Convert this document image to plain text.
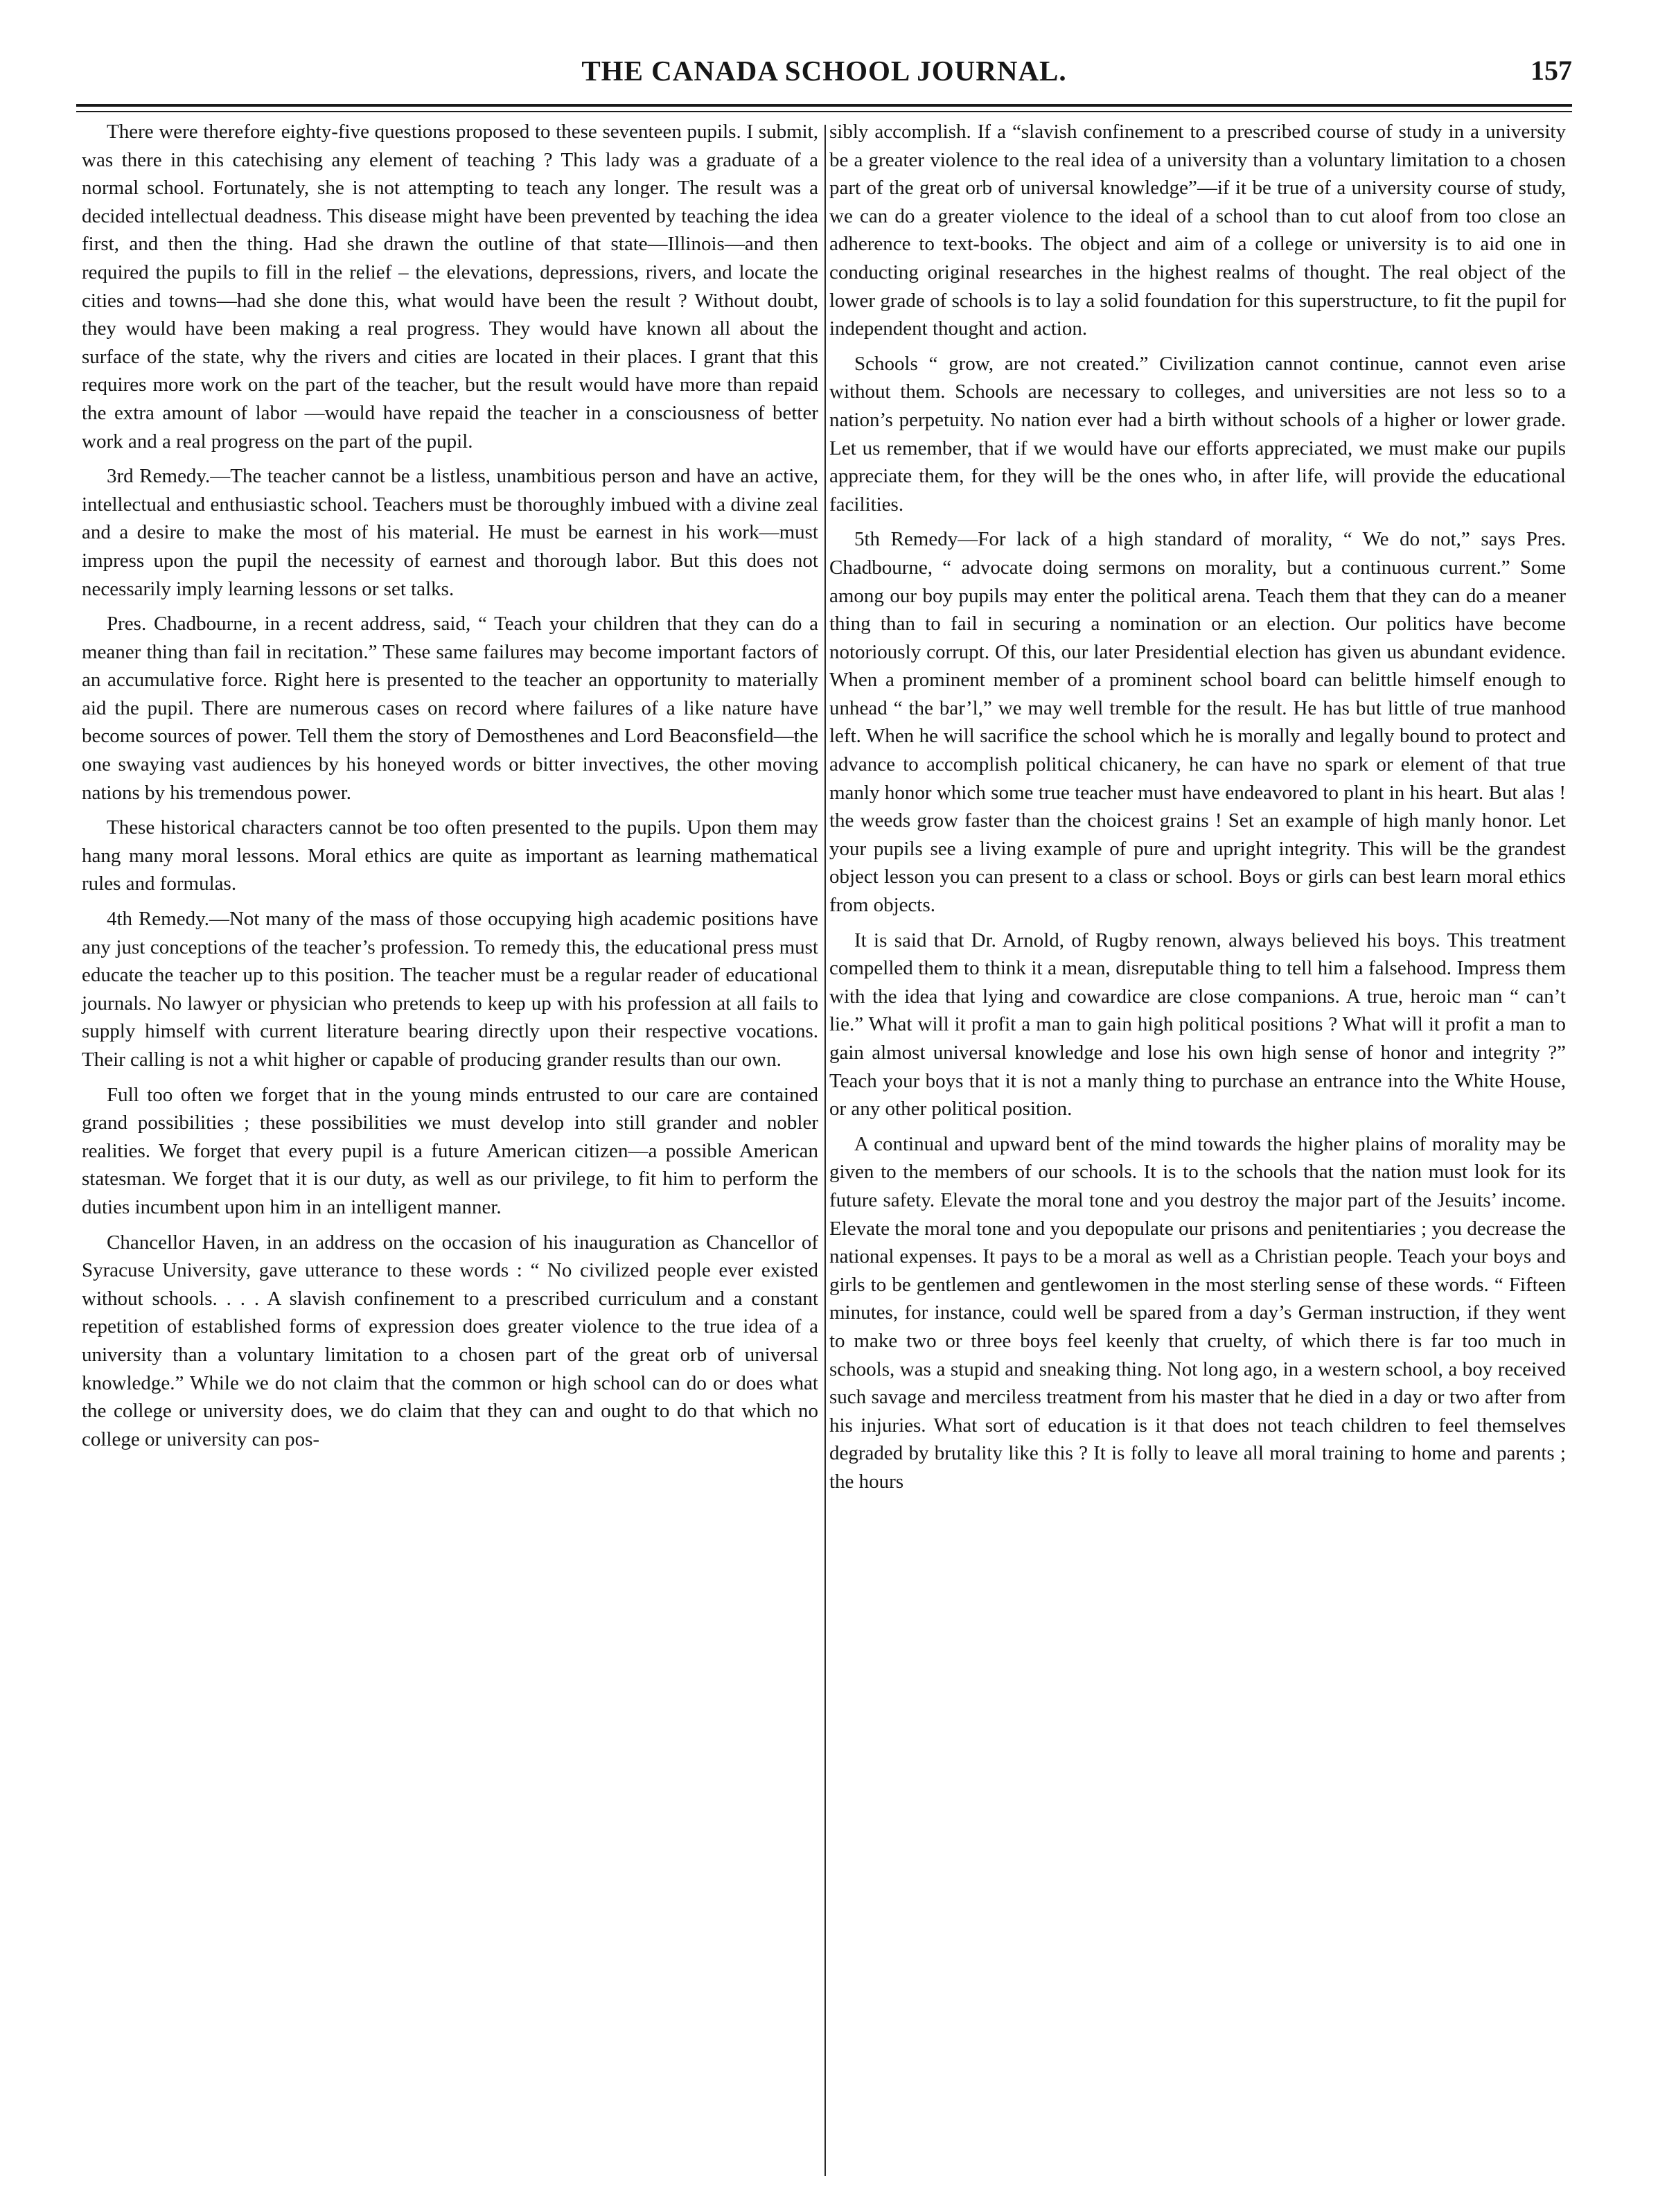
THE CANADA SCHOOL JOURNAL.	157

There were therefore eighty-five questions proposed to these seventeen pupils. I submit, was there in this catechising any element of teaching ? This lady was a graduate of a normal school. Fortunately, she is not attempting to teach any longer. The result was a decided intellectual deadness. This disease might have been prevented by teaching the idea first, and then the thing. Had she drawn the outline of that state—Illinois—and then required the pupils to fill in the relief – the elevations, depressions, rivers, and locate the cities and towns—had she done this, what would have been the result ? Without doubt, they would have been making a real progress. They would have known all about the surface of the state, why the rivers and cities are located in their places. I grant that this requires more work on the part of the teacher, but the result would have more than repaid the extra amount of labor —would have repaid the teacher in a consciousness of better work and a real progress on the part of the pupil.

3rd Remedy.—The teacher cannot be a listless, unambitious person and have an active, intellectual and enthusiastic school. Teachers must be thoroughly imbued with a divine zeal and a desire to make the most of his material. He must be earnest in his work—must impress upon the pupil the necessity of earnest and thorough labor. But this does not necessarily imply learning lessons or set talks.

Pres. Chadbourne, in a recent address, said, “ Teach your children that they can do a meaner thing than fail in recitation.” These same failures may become important factors of an accumulative force. Right here is presented to the teacher an opportunity to materially aid the pupil. There are numerous cases on record where failures of a like nature have become sources of power. Tell them the story of Demosthenes and Lord Beaconsfield—the one swaying vast audiences by his honeyed words or bitter invectives, the other moving nations by his tremendous power.

These historical characters cannot be too often presented to the pupils. Upon them may hang many moral lessons. Moral ethics are quite as important as learning mathematical rules and formulas.

4th Remedy.—Not many of the mass of those occupying high academic positions have any just conceptions of the teacher’s profession. To remedy this, the educational press must educate the teacher up to this position. The teacher must be a regular reader of educational journals. No lawyer or physician who pretends to keep up with his profession at all fails to supply himself with current literature bearing directly upon their respective vocations. Their calling is not a whit higher or capable of producing grander results than our own.

Full too often we forget that in the young minds entrusted to our care are contained grand possibilities ; these possibilities we must develop into still grander and nobler realities. We forget that every pupil is a future American citizen—a possible American statesman. We forget that it is our duty, as well as our privilege, to fit him to perform the duties incumbent upon him in an intelligent manner.

Chancellor Haven, in an address on the occasion of his inauguration as Chancellor of Syracuse University, gave utterance to these words : “ No civilized people ever existed without schools. . . . A slavish confinement to a prescribed curriculum and a constant repetition of established forms of expression does greater violence to the true idea of a university than a voluntary limitation to a chosen part of the great orb of universal knowledge.” While we do not claim that the common or high school can do or does what the college or university does, we do claim that they can and ought to do that which no college or university can pos-

sibly accomplish. If a “slavish confinement to a prescribed course of study in a university be a greater violence to the real idea of a university than a voluntary limitation to a chosen part of the great orb of universal knowledge”—if it be true of a university course of study, we can do a greater violence to the ideal of a school than to cut aloof from too close an adherence to text-books. The object and aim of a college or university is to aid one in conducting original researches in the highest realms of thought. The real object of the lower grade of schools is to lay a solid foundation for this superstructure, to fit the pupil for independent thought and action.

Schools “ grow, are not created.” Civilization cannot continue, cannot even arise without them. Schools are necessary to colleges, and universities are not less so to a nation’s perpetuity. No nation ever had a birth without schools of a higher or lower grade. Let us remember, that if we would have our efforts appreciated, we must make our pupils appreciate them, for they will be the ones who, in after life, will provide the educational facilities.

5th Remedy—For lack of a high standard of morality, “ We do not,” says Pres. Chadbourne, “ advocate doing sermons on morality, but a continuous current.” Some among our boy pupils may enter the political arena. Teach them that they can do a meaner thing than to fail in securing a nomination or an election. Our politics have become notoriously corrupt. Of this, our later Presidential election has given us abundant evidence. When a prominent member of a prominent school board can belittle himself enough to unhead “ the bar’l,” we may well tremble for the result. He has but little of true manhood left. When he will sacrifice the school which he is morally and legally bound to protect and advance to accomplish political chicanery, he can have no spark or element of that true manly honor which some true teacher must have endeavored to plant in his heart. But alas ! the weeds grow faster than the choicest grains ! Set an example of high manly honor. Let your pupils see a living example of pure and upright integrity. This will be the grandest object lesson you can present to a class or school. Boys or girls can best learn moral ethics from objects.

It is said that Dr. Arnold, of Rugby renown, always believed his boys. This treatment compelled them to think it a mean, disreputable thing to tell him a falsehood. Impress them with the idea that lying and cowardice are close companions. A true, heroic man “ can’t lie.” What will it profit a man to gain high political positions ? What will it profit a man to gain almost universal knowledge and lose his own high sense of honor and integrity ?” Teach your boys that it is not a manly thing to purchase an entrance into the White House, or any other political position.

A continual and upward bent of the mind towards the higher plains of morality may be given to the members of our schools. It is to the schools that the nation must look for its future safety. Elevate the moral tone and you destroy the major part of the Jesuits’ income. Elevate the moral tone and you depopulate our prisons and penitentiaries ; you decrease the national expenses. It pays to be a moral as well as a Christian people. Teach your boys and girls to be gentlemen and gentlewomen in the most sterling sense of these words. “ Fifteen minutes, for instance, could well be spared from a day’s German instruction, if they went to make two or three boys feel keenly that cruelty, of which there is far too much in schools, was a stupid and sneaking thing. Not long ago, in a western school, a boy received such savage and merciless treatment from his master that he died in a day or two after from his injuries. What sort of education is it that does not teach children to feel themselves degraded by brutality like this ? It is folly to leave all moral training to home and parents ; the hours
